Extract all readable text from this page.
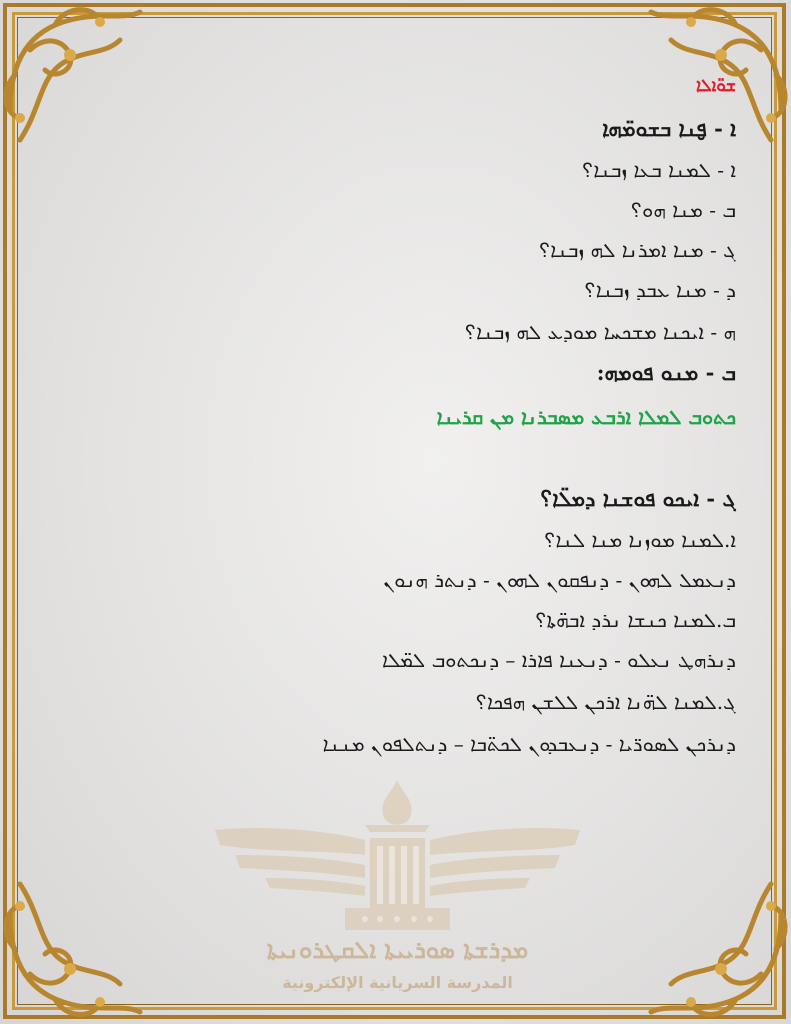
ܡܕܪܫܬܐ ܣܘܪܝܝܬܐ ܐܠܩܛܪܘܢܝܬܐ
المدرسة السريانية الإلكترونية
ܫܘ̈ܐܠܐ
ܐ - ܦ̮ܢܐ ܒܫܘܡ̈ܗܐ
ܐ - ܠܡܢܐ ܒܥܐ ܙܒܢܐ؟
ܒ - ܡܢܐ ܗܘ؟
ܓ - ܡܢܐ ܐܡܪܢܐ ܠܗ ܙܒܢܐ؟
ܕ - ܡܢܐ ܥܒܕ ܙܒܢܐ؟
ܗ - ܐܝܟܢܐ ܡܫܟܚܐ ܡܘܕܥ ܠܗ ܙܒܢܐ؟
ܒ - ܡܢܘ ܦܘܡܗ:
ܟܬܘܒ ܠܡܠܐ ܐܪܒܥ ܡܣܒܪܢܐ ܡܢ ܩܪܝܢܐ
ܓ - ܐܝܟܘ ܦܘܫܢܐ ܕܡܠ̈ܐ؟
ܐ.ܠܡܢܐ ܡܘܙܢܐ ܡܢܐ ܠܢܐ؟
ܕܢܥܡܠ ܠܗܘܢ - ܕܢܦܩܘܢ ܠܗܘܢ - ܕܢܬܪ ܗܢܘܢ
ܒ.ܠܡܢܐ ܟܢܫܐ ܢܪܕ ܐܒܗ̈ܬܐ؟
ܕܢܪܗܛ ܢܥܠܘ - ܕܢܥܢܐ ܦܐܪܐ – ܕܢܟܬܘܒ ܠܡ̈ܠܐ
ܓ.ܠܡܢܐ ܠܗ̈ܢܐ ܐܪܟܢ ܠܠܫܢ ܗܦܟܐ؟
ܕܢܪܟܢ ܠܣܘܪ̈ܝܐ - ܕܢܥܒܕܘܢ ܠܟܬ̈ܒܐ – ܕܢܬܠܦܘܢ ܡܢܢܐ
